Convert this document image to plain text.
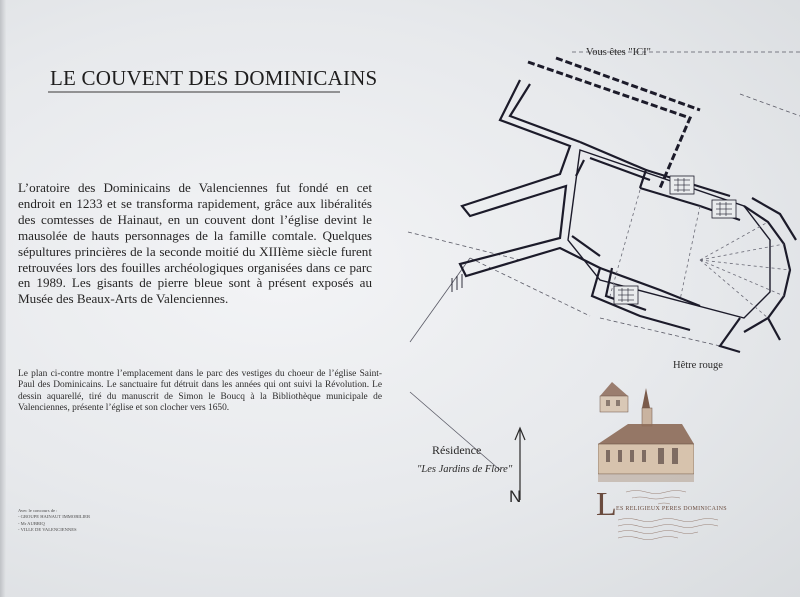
LE COUVENT DES DOMINICAINS
L’oratoire des Dominicains de Valenciennes fut fondé en cet endroit en 1233 et se transforma rapidement, grâce aux libéralités des comtesses de Hainaut, en un couvent dont l’église devint le mausolée de hauts personnages de la famille comtale. Quelques sépultures princières de la seconde moitié du XIIIème siècle furent retrouvées lors des fouilles archéologiques organisées dans ce parc en 1989. Les gisants de pierre bleue sont à présent exposés au Musée des Beaux-Arts de Valenciennes.
Le plan ci-contre montre l’emplacement dans le parc des vestiges du choeur de l’église Saint-Paul des Dominicains. Le sanctuaire fut détruit dans les années qui ont suivi la Révolution. Le dessin aquarellé, tiré du manuscrit de Simon le Boucq à la Bibliothèque municipale de Valenciennes, présente l’église et son clocher vers 1650.
Avec le concours de :
- GROUPE HAINAUT IMMOBILIER
- Mr AUBRIQ
- VILLE DE VALENCIENNES
Vous êtes "ICI"
Hêtre rouge
Résidence
"Les Jardins de Flore"
N L ES RELIGIEUX PERES DOMINICAINS
